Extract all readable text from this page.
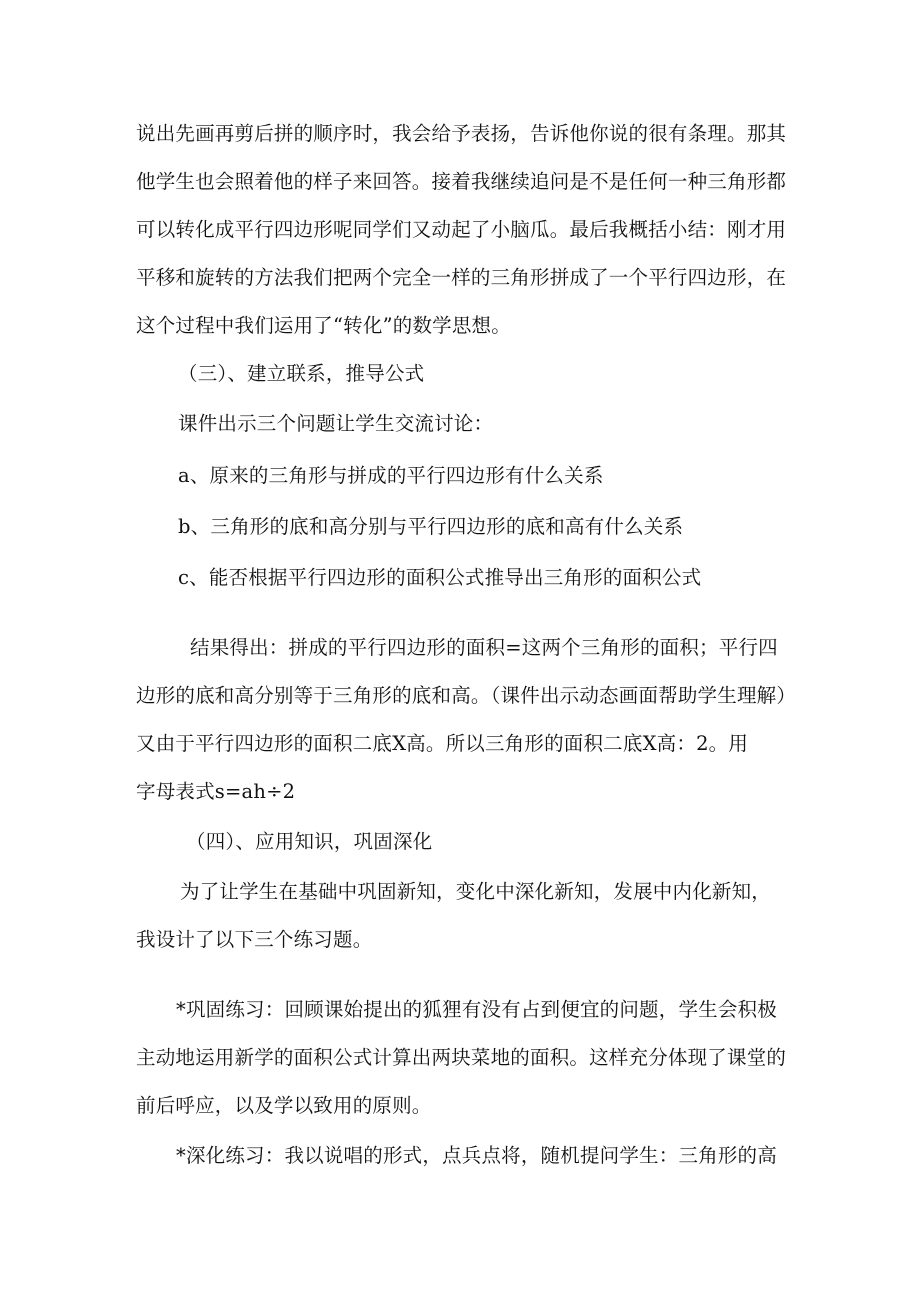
说出先画再剪后拼的顺序时，我会给予表扬，告诉他你说的很有条理。那其
他学生也会照着他的样子来回答。接着我继续追问是不是任何一种三角形都
可以转化成平行四边形呢同学们又动起了小脑瓜。最后我概括小结：刚才用
平移和旋转的方法我们把两个完全一样的三角形拼成了一个平行四边形，在
这个过程中我们运用了“转化”的数学思想。
（三）、建立联系，推导公式
课件出示三个问题让学生交流讨论：
a、原来的三角形与拼成的平行四边形有什么关系
b、三角形的底和高分别与平行四边形的底和高有什么关系
c、能否根据平行四边形的面积公式推导出三角形的面积公式
结果得出：拼成的平行四边形的面积=这两个三角形的面积；平行四
边形的底和高分别等于三角形的底和高。（课件出示动态画面帮助学生理解）
又由于平行四边形的面积二底X高。所以三角形的面积二底X高：2。用
字母表式s=ah÷2
（四）、应用知识，巩固深化
为了让学生在基础中巩固新知，变化中深化新知，发展中内化新知，
我设计了以下三个练习题。
*巩固练习：回顾课始提出的狐狸有没有占到便宜的问题，学生会积极
主动地运用新学的面积公式计算出两块菜地的面积。这样充分体现了课堂的
前后呼应，以及学以致用的原则。
*深化练习：我以说唱的形式，点兵点将，随机提问学生：三角形的高
